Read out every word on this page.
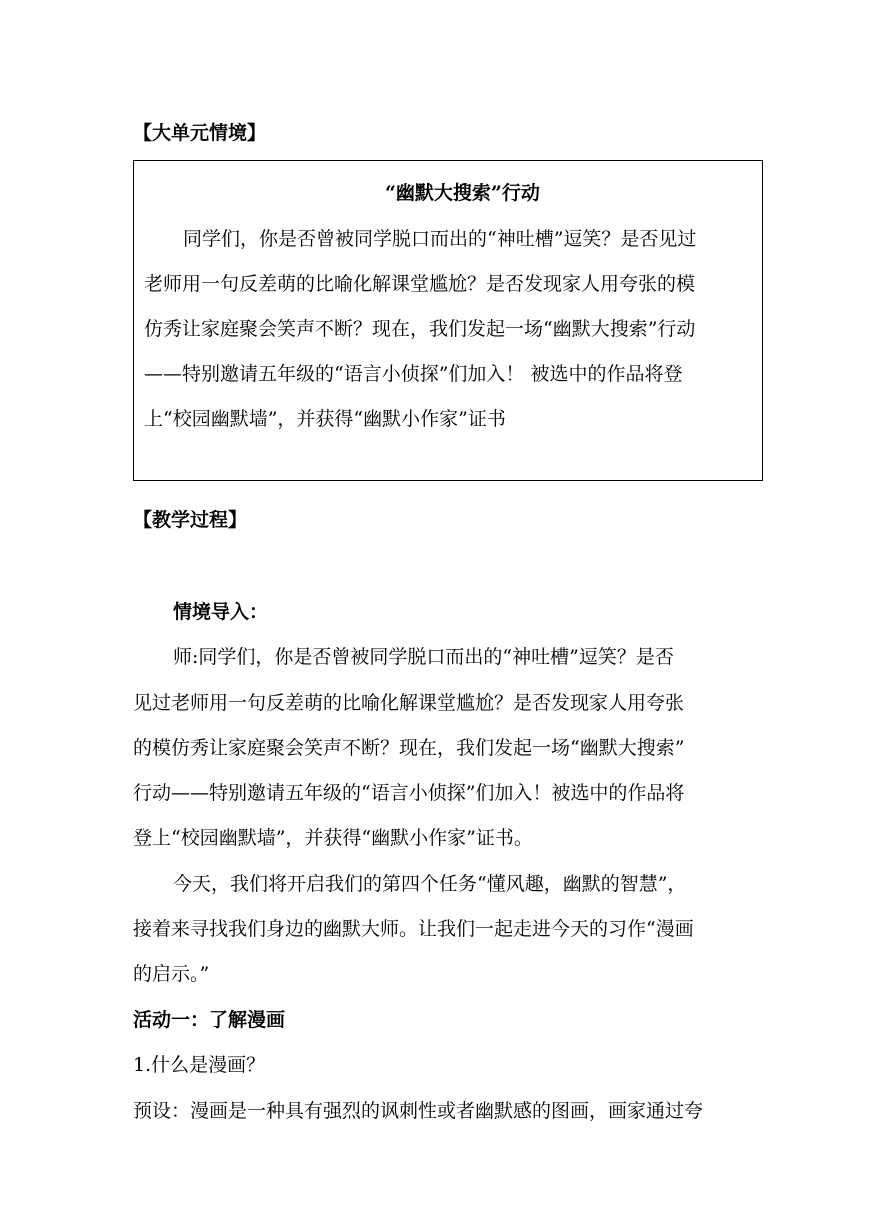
【大单元情境】
“幽默大搜索”行动
同学们，你是否曾被同学脱口而出的“神吐槽”逗笑？是否见过
老师用一句反差萌的比喻化解课堂尴尬？是否发现家人用夸张的模
仿秀让家庭聚会笑声不断？现在，我们发起一场“幽默大搜索”行动
——特别邀请五年级的“语言小侦探”们加入！ 被选中的作品将登
上“校园幽默墙”，并获得“幽默小作家”证书
【教学过程】
情境导入：
师:同学们，你是否曾被同学脱口而出的“神吐槽”逗笑？是否
见过老师用一句反差萌的比喻化解课堂尴尬？是否发现家人用夸张
的模仿秀让家庭聚会笑声不断？现在，我们发起一场“幽默大搜索”
行动——特别邀请五年级的“语言小侦探”们加入！被选中的作品将
登上“校园幽默墙”，并获得“幽默小作家”证书。
今天，我们将开启我们的第四个任务“懂风趣，幽默的智慧”，
接着来寻找我们身边的幽默大师。让我们一起走进今天的习作“漫画
的启示。”
活动一：了解漫画
1.什么是漫画？
预设：漫画是一种具有强烈的讽刺性或者幽默感的图画，画家通过夸
